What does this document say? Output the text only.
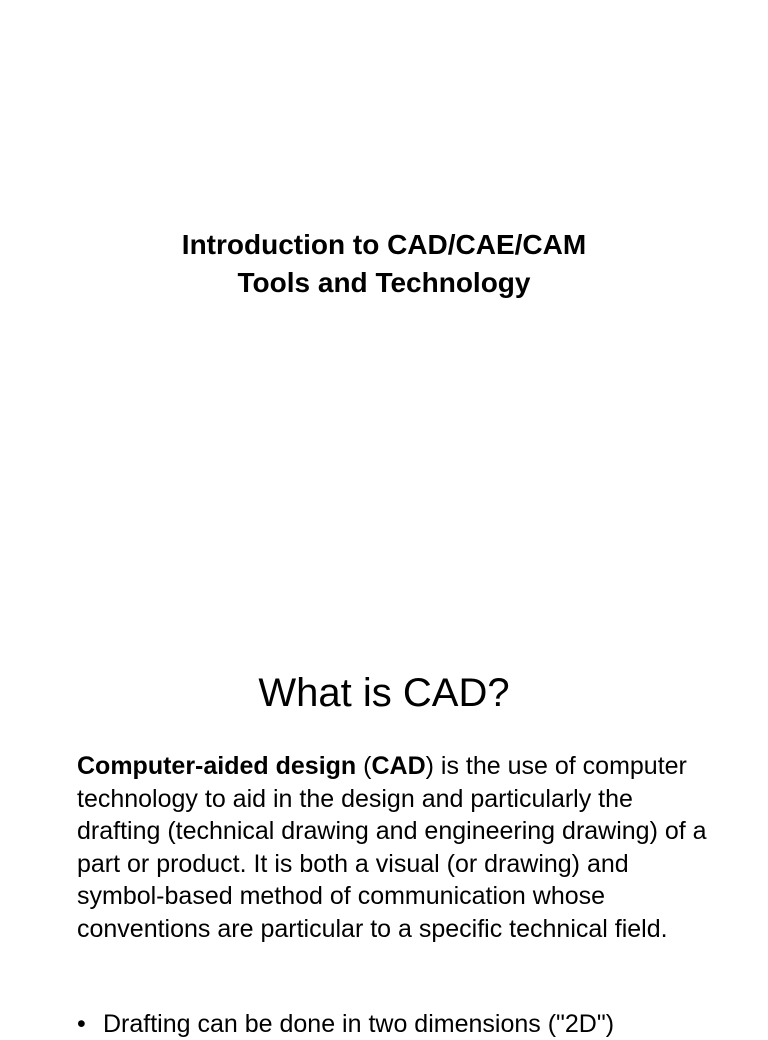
Introduction to CAD/CAE/CAM
Tools and Technology
What is CAD?

Computer-aided design (CAD) is the use of computer technology to aid in the design and particularly the drafting (technical drawing and engineering drawing) of a part or product. It is both a visual (or drawing) and symbol-based method of communication whose conventions are particular to a specific technical field.

• Drafting can be done in two dimensions ("2D")
